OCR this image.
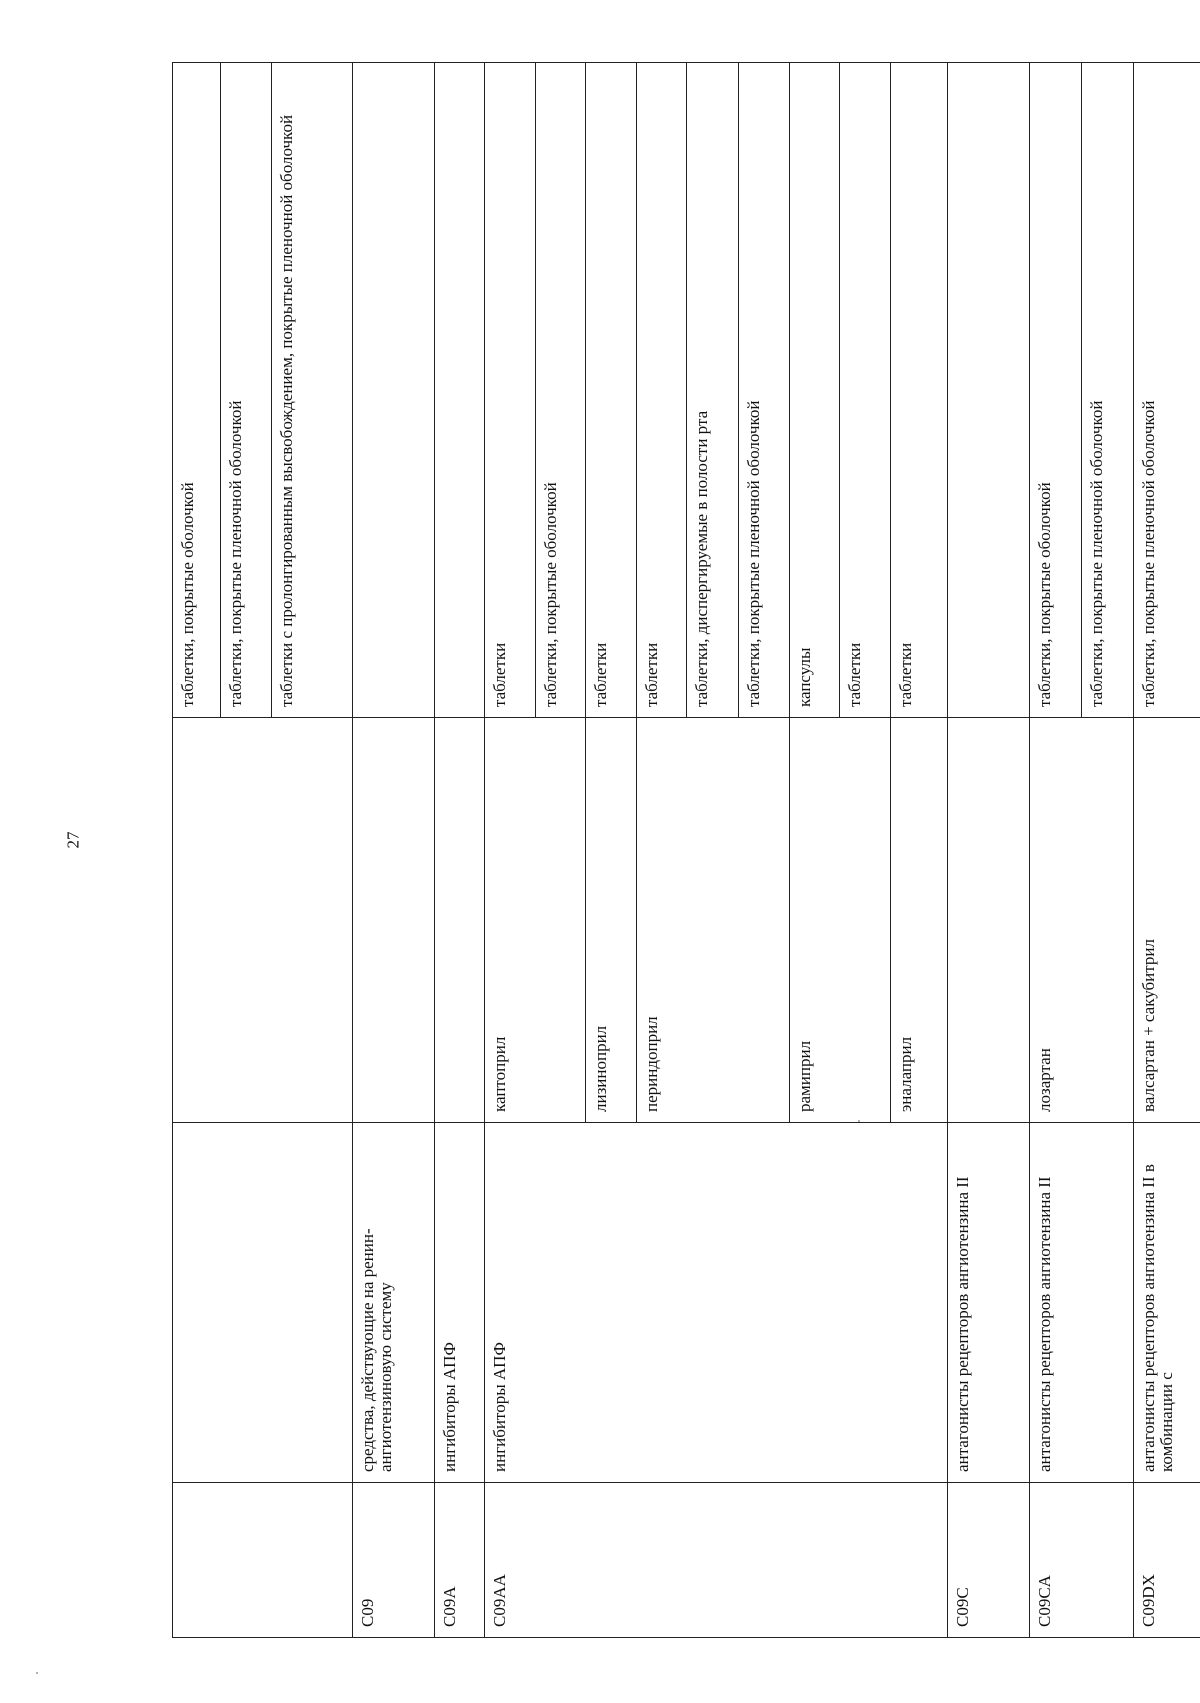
27
			таблетки, покрытые оболочкой
			таблетки, покрытые пленочной оболочкой
			таблетки с пролонгированным высвобождением, покрытые пленочной оболочкой
C09	средства, действующие на ренин-ангиотензиновую систему		
C09A	ингибиторы АПФ		
C09AA	ингибиторы АПФ	каптоприл	таблетки
			таблетки, покрытые оболочкой
		лизиноприл	таблетки
		периндоприл	таблетки
			таблетки, диспергируемые в полости рта
			таблетки, покрытые пленочной оболочкой
		рамиприл	капсулы
			таблетки
		эналаприл	таблетки
C09C	антагонисты рецепторов ангиотензина II		
C09CA	антагонисты рецепторов ангиотензина II	лозартан	таблетки, покрытые оболочкой
			таблетки, покрытые пленочной оболочкой
C09DX	антагонисты рецепторов ангиотензина II в комбинации с	валсартан + сакубитрил	таблетки, покрытые пленочной оболочкой
